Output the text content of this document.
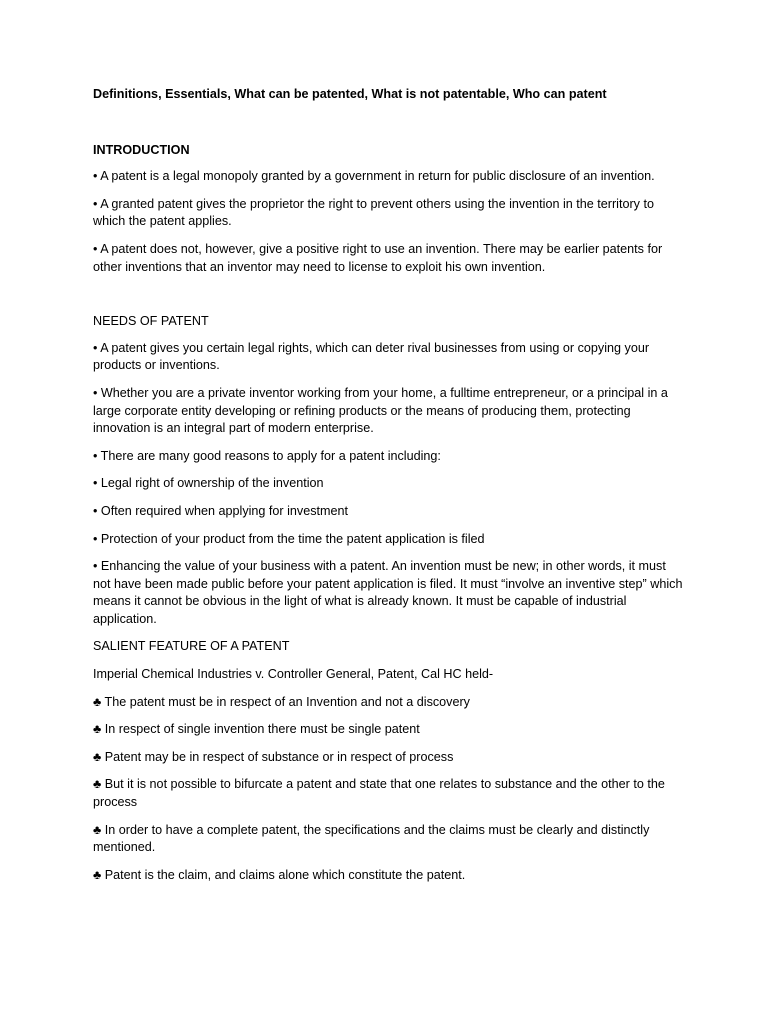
Definitions, Essentials, What can be patented, What is not patentable, Who can patent

INTRODUCTION

• A patent is a legal monopoly granted by a government in return for public disclosure of an invention.

• A granted patent gives the proprietor the right to prevent others using the invention in the territory to which the patent applies.

• A patent does not, however, give a positive right to use an invention. There may be earlier patents for other inventions that an inventor may need to license to exploit his own invention.

NEEDS OF PATENT

• A patent gives you certain legal rights, which can deter rival businesses from using or copying your products or inventions.

• Whether you are a private inventor working from your home, a fulltime entrepreneur, or a principal in a large corporate entity developing or refining products or the means of producing them, protecting innovation is an integral part of modern enterprise.

• There are many good reasons to apply for a patent including:

• Legal right of ownership of the invention

• Often required when applying for investment

• Protection of your product from the time the patent application is filed

• Enhancing the value of your business with a patent. An invention must be new; in other words, it must not have been made public before your patent application is filed. It must “involve an inventive step” which means it cannot be obvious in the light of what is already known. It must be capable of industrial application.

SALIENT FEATURE OF A PATENT

Imperial Chemical Industries v. Controller General, Patent, Cal HC held-

♣ The patent must be in respect of an Invention and not a discovery

♣ In respect of single invention there must be single patent

♣ Patent may be in respect of substance or in respect of process

♣ But it is not possible to bifurcate a patent and state that one relates to substance and the other to the process

♣ In order to have a complete patent, the specifications and the claims must be clearly and distinctly mentioned.

♣ Patent is the claim, and claims alone which constitute the patent.
